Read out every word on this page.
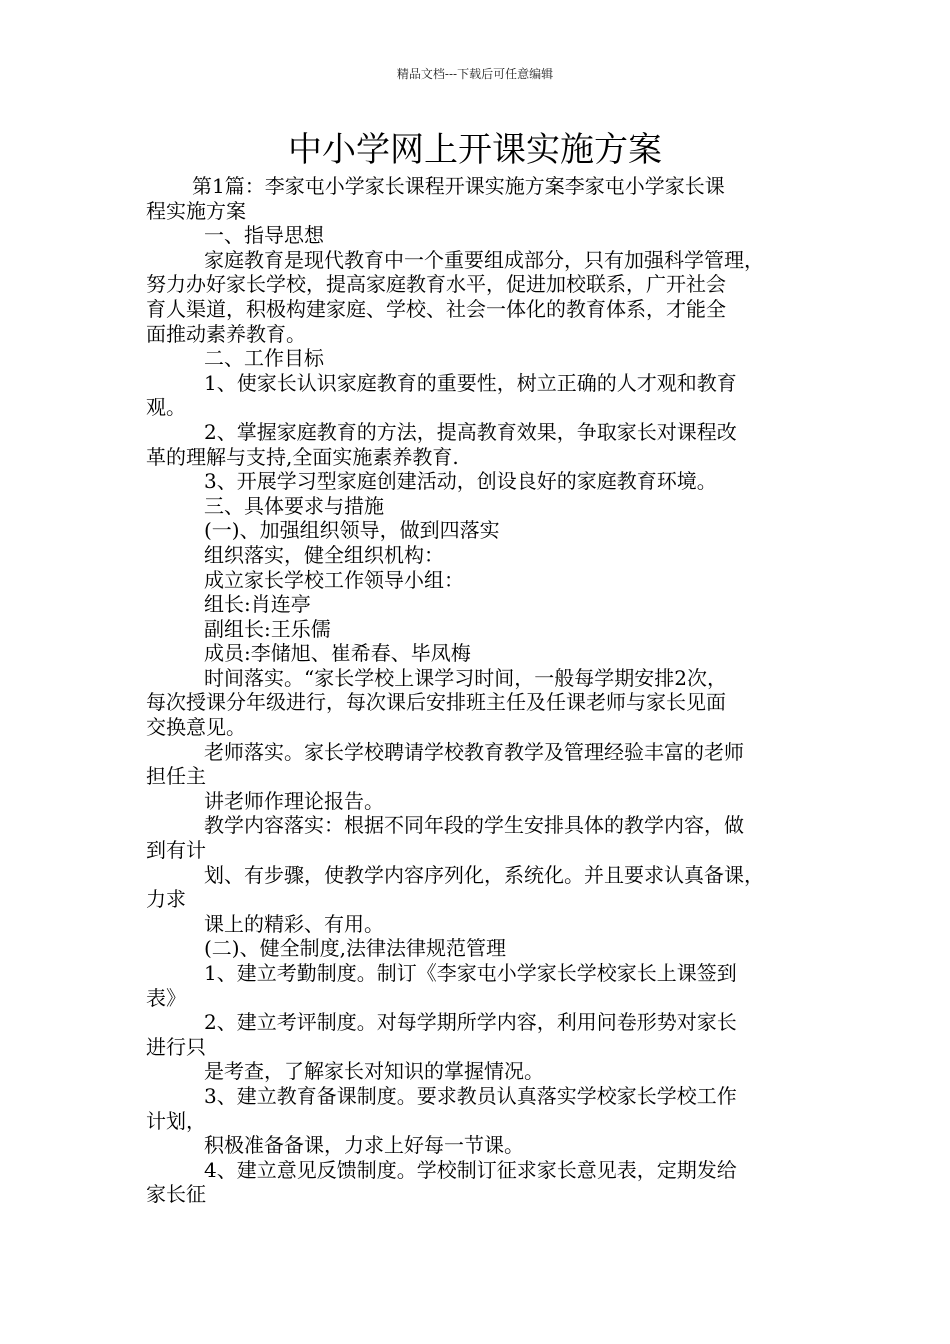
精品文档---下载后可任意编辑
中小学网上开课实施方案

第1篇：李家屯小学家长课程开课实施方案李家屯小学家长课

程实施方案

一、指导思想

家庭教育是现代教育中一个重要组成部分，只有加强科学管理，

努力办好家长学校，提高家庭教育水平，促进加校联系，广开社会

育人渠道，积极构建家庭、学校、社会一体化的教育体系，才能全

面推动素养教育。

二、工作目标

1、使家长认识家庭教育的重要性，树立正确的人才观和教育

观。

2、掌握家庭教育的方法，提高教育效果，争取家长对课程改

革的理解与支持,全面实施素养教育.

3、开展学习型家庭创建活动，创设良好的家庭教育环境。

三、具体要求与措施

(一)、加强组织领导，做到四落实

组织落实，健全组织机构：

成立家长学校工作领导小组：

组长:肖连亭

副组长:王乐儒

成员:李储旭、崔希春、毕凤梅

时间落实。“家长学校上课学习时间，一般每学期安排2次，

每次授课分年级进行，每次课后安排班主任及任课老师与家长见面

交换意见。

老师落实。家长学校聘请学校教育教学及管理经验丰富的老师

担任主

讲老师作理论报告。

教学内容落实：根据不同年段的学生安排具体的教学内容，做

到有计

划、有步骤，使教学内容序列化，系统化。并且要求认真备课，

力求

课上的精彩、有用。

(二)、健全制度,法律法律规范管理

1、建立考勤制度。制订《李家屯小学家长学校家长上课签到

表》

2、建立考评制度。对每学期所学内容，利用问卷形势对家长

进行只

是考查，了解家长对知识的掌握情况。

3、建立教育备课制度。要求教员认真落实学校家长学校工作

计划，

积极准备备课，力求上好每一节课。

4、建立意见反馈制度。学校制订征求家长意见表，定期发给

家长征
